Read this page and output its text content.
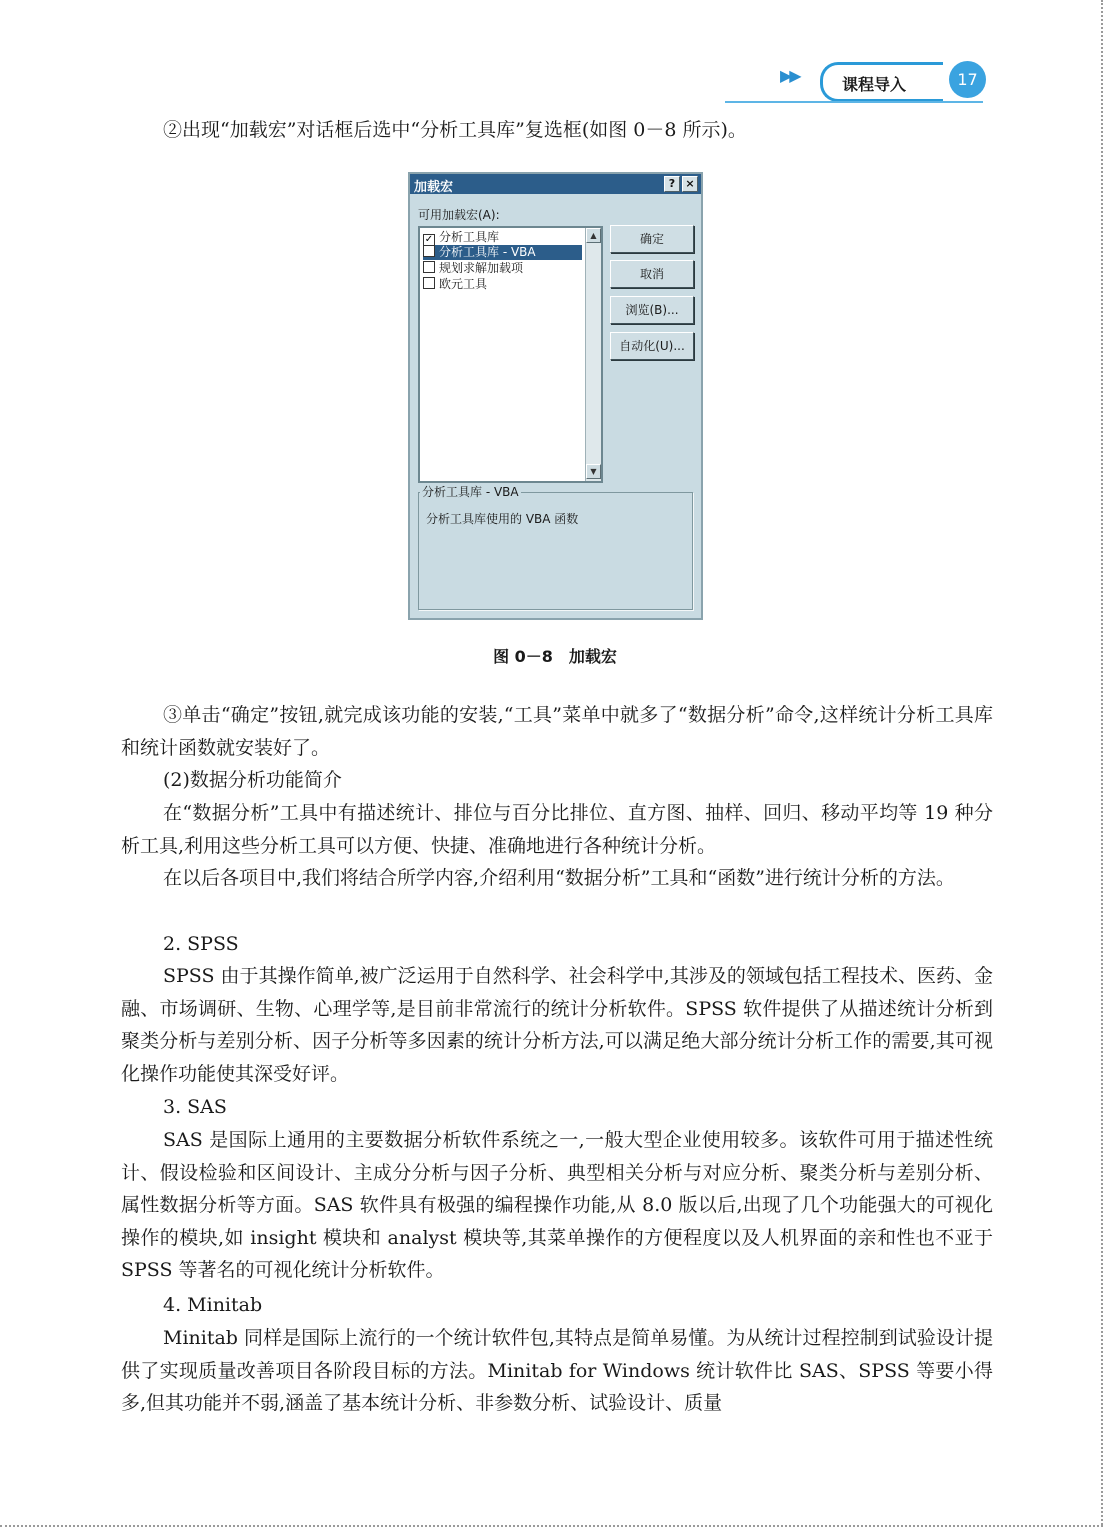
▶▶	课程导入	17

②出现“加载宏”对话框后选中“分析工具库”复选框(如图 0－8 所示)。

加载宏	? ×
可用加载宏(A):
✓ 分析工具库
分析工具库 - VBA
规划求解加载项
欧元工具
▲
▼
确定
取消
浏览(B)...
自动化(U)...
分析工具库 - VBA
分析工具库使用的 VBA 函数
图 0－8　加载宏

③单击“确定”按钮,就完成该功能的安装,“工具”菜单中就多了“数据分析”命令,这样统计分析工具库和统计函数就安装好了。

(2)数据分析功能简介

在“数据分析”工具中有描述统计、排位与百分比排位、直方图、抽样、回归、移动平均等 19 种分析工具,利用这些分析工具可以方便、快捷、准确地进行各种统计分析。

在以后各项目中,我们将结合所学内容,介绍利用“数据分析”工具和“函数”进行统计分析的方法。

2. SPSS

SPSS 由于其操作简单,被广泛运用于自然科学、社会科学中,其涉及的领域包括工程技术、医药、金融、市场调研、生物、心理学等,是目前非常流行的统计分析软件。SPSS 软件提供了从描述统计分析到聚类分析与差别分析、因子分析等多因素的统计分析方法,可以满足绝大部分统计分析工作的需要,其可视化操作功能使其深受好评。

3. SAS

SAS 是国际上通用的主要数据分析软件系统之一,一般大型企业使用较多。该软件可用于描述性统计、假设检验和区间设计、主成分分析与因子分析、典型相关分析与对应分析、聚类分析与差别分析、属性数据分析等方面。SAS 软件具有极强的编程操作功能,从 8.0 版以后,出现了几个功能强大的可视化操作的模块,如 insight 模块和 analyst 模块等,其菜单操作的方便程度以及人机界面的亲和性也不亚于 SPSS 等著名的可视化统计分析软件。

4. Minitab

Minitab 同样是国际上流行的一个统计软件包,其特点是简单易懂。为从统计过程控制到试验设计提供了实现质量改善项目各阶段目标的方法。Minitab for Windows 统计软件比 SAS、SPSS 等要小得多,但其功能并不弱,涵盖了基本统计分析、非参数分析、试验设计、质量
